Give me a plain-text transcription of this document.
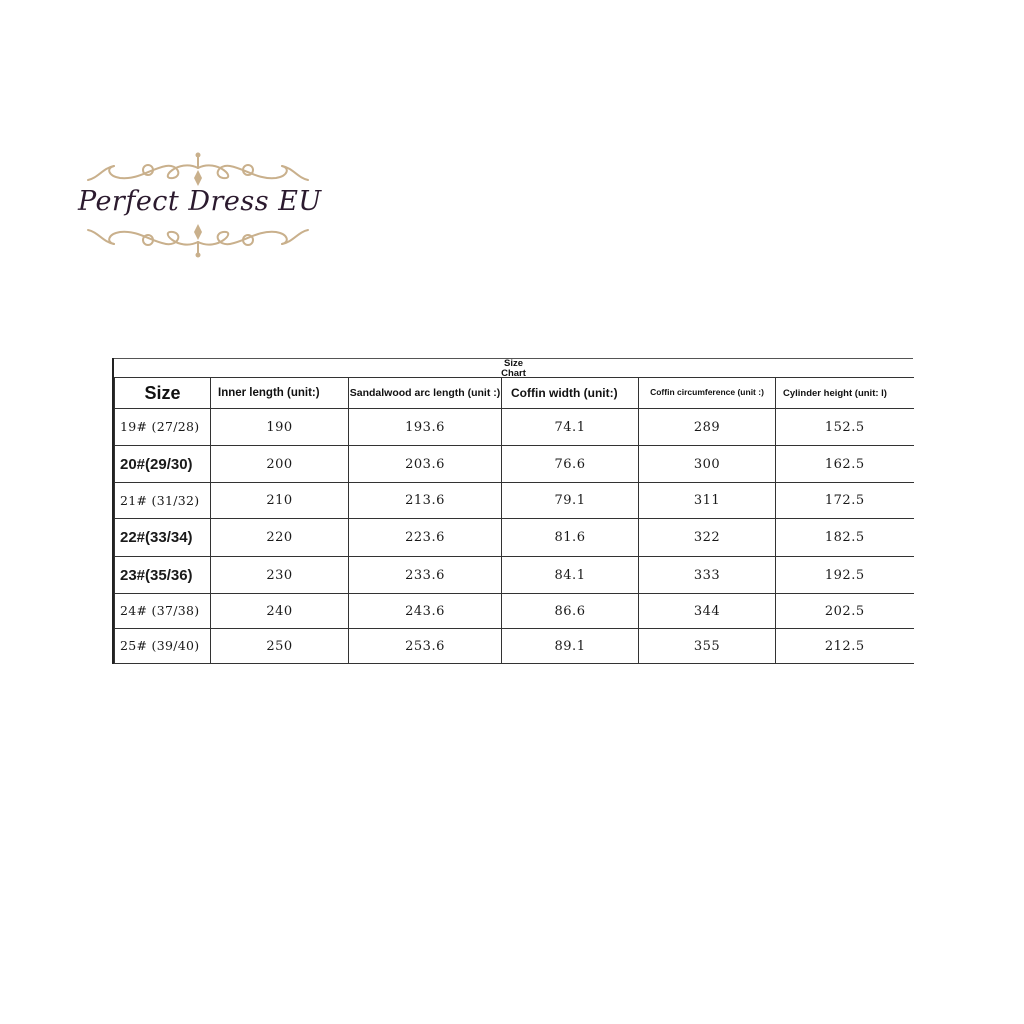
Perfect Dress EU
Size
Chart
Size	Inner length (unit:)	Sandalwood arc length (unit :)	Coffin width (unit:)	Coffin circumference (unit :)	Cylinder height (unit: l)
19# (27/28)	190	193.6	74.1	289	152.5
20#(29/30)	200	203.6	76.6	300	162.5
21# (31/32)	210	213.6	79.1	311	172.5
22#(33/34)	220	223.6	81.6	322	182.5
23#(35/36)	230	233.6	84.1	333	192.5
24# (37/38)	240	243.6	86.6	344	202.5
25# (39/40)	250	253.6	89.1	355	212.5
